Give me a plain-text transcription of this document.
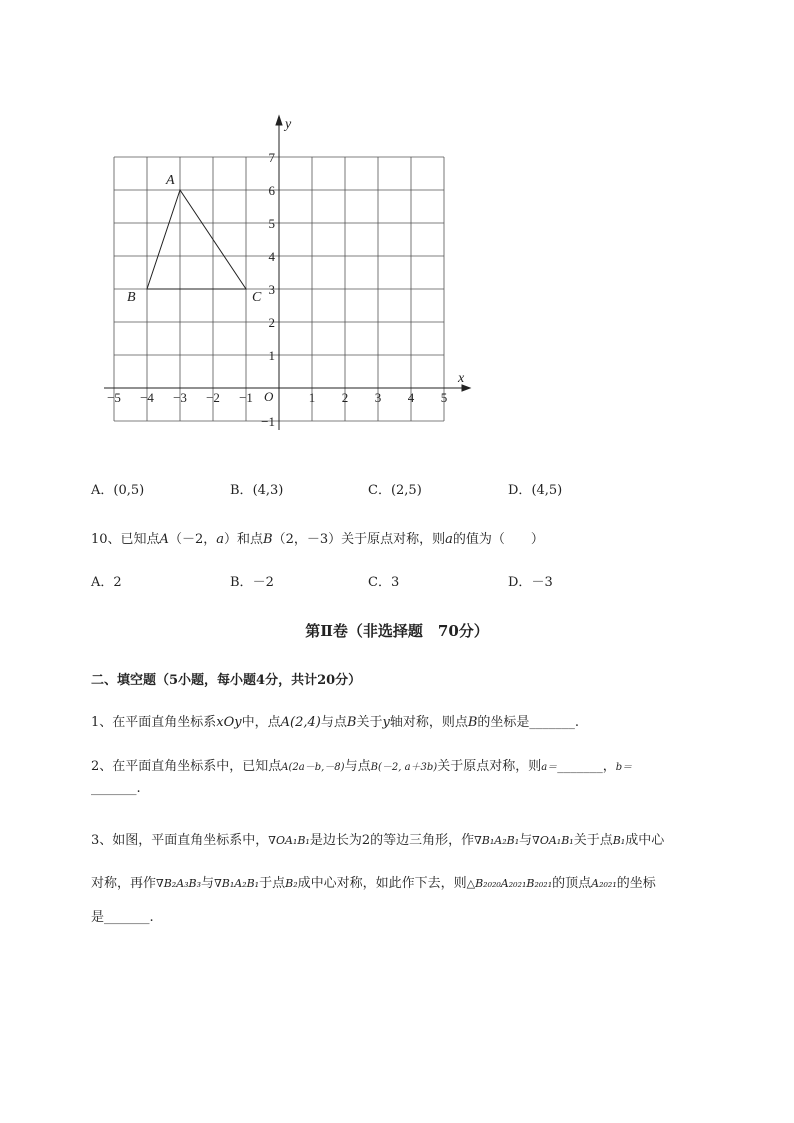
−5 −4 −3 −2 −1	1 2 3 4 5
7
6
5
4
3
2
1
−1
A
B	C
x
y
O
A．(0,5)	B．(4,3)	C．(2,5)	D．(4,5)
10、已知点A（－2，a）和点B（2，－3）关于原点对称，则a的值为（　　）
A．2	B．－2	C．3	D．－3
第Ⅱ卷（非选择题　70分）
二、填空题（5小题，每小题4分，共计20分）
1、在平面直角坐标系xOy中，点A(2,4)与点B关于y轴对称，则点B的坐标是_______.
2、在平面直角坐标系中，已知点A(2a－b,－8)与点B(－2, a＋3b)关于原点对称，则a＝_______，b＝
_______.
3、如图，平面直角坐标系中，∇OA₁B₁是边长为2的等边三角形，作∇B₁A₂B₁与∇OA₁B₁关于点B₁成中心
对称，再作∇B₂A₃B₃与∇B₁A₂B₁于点B₂成中心对称，如此作下去，则△B₂₀₂₀A₂₀₂₁B₂₀₂₁的顶点A₂₀₂₁的坐标
是_______.
